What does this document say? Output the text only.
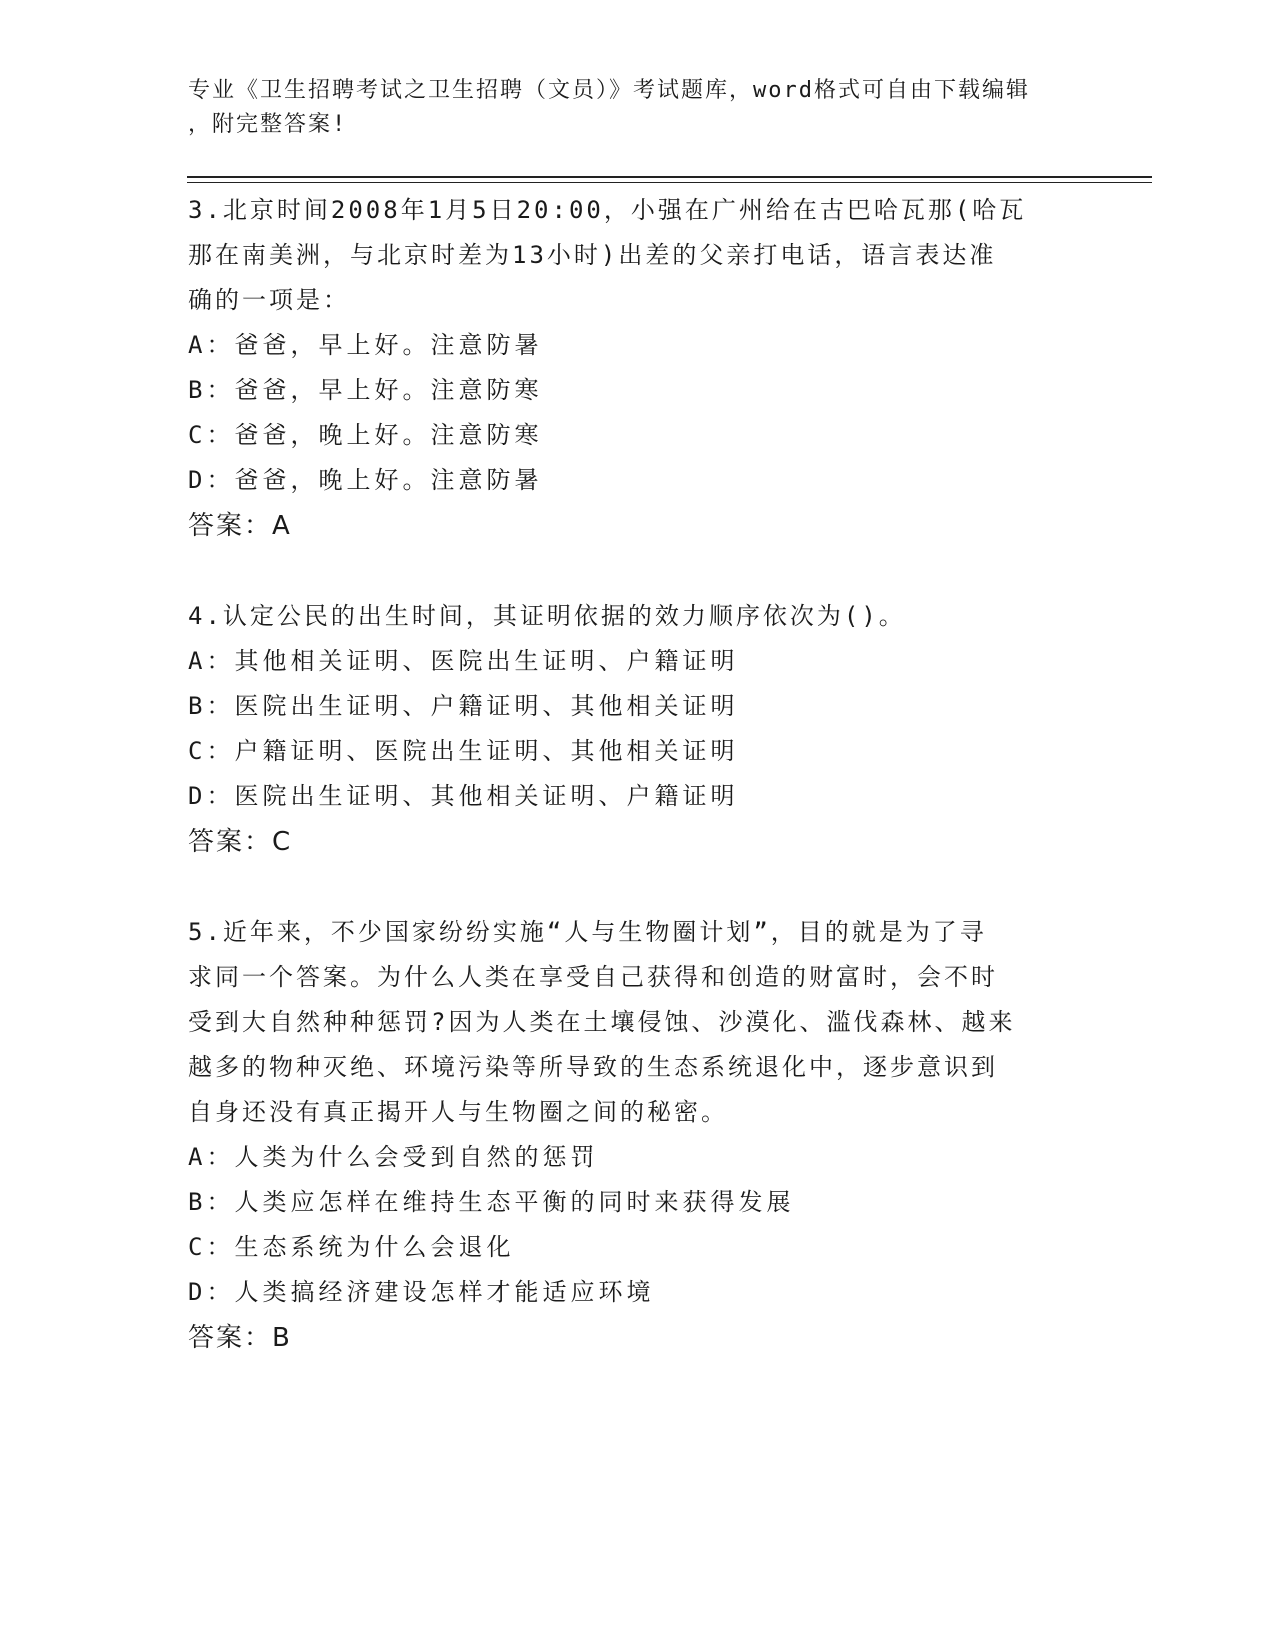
专业《卫生招聘考试之卫生招聘（文员）》考试题库，word格式可自由下载编辑
，附完整答案!
3.北京时间2008年1月5日20:00，小强在广州给在古巴哈瓦那(哈瓦
那在南美洲，与北京时差为13小时)出差的父亲打电话，语言表达准
确的一项是：
A：爸爸，早上好。注意防暑
B：爸爸，早上好。注意防寒
C：爸爸，晚上好。注意防寒
D：爸爸，晚上好。注意防暑
答案：A
4.认定公民的出生时间，其证明依据的效力顺序依次为()。
A：其他相关证明、医院出生证明、户籍证明
B：医院出生证明、户籍证明、其他相关证明
C：户籍证明、医院出生证明、其他相关证明
D：医院出生证明、其他相关证明、户籍证明
答案：C
5.近年来，不少国家纷纷实施“人与生物圈计划”，目的就是为了寻
求同一个答案。为什么人类在享受自己获得和创造的财富时，会不时
受到大自然种种惩罚?因为人类在土壤侵蚀、沙漠化、滥伐森林、越来
越多的物种灭绝、环境污染等所导致的生态系统退化中，逐步意识到
自身还没有真正揭开人与生物圈之间的秘密。
A：人类为什么会受到自然的惩罚
B：人类应怎样在维持生态平衡的同时来获得发展
C：生态系统为什么会退化
D：人类搞经济建设怎样才能适应环境
答案：B
